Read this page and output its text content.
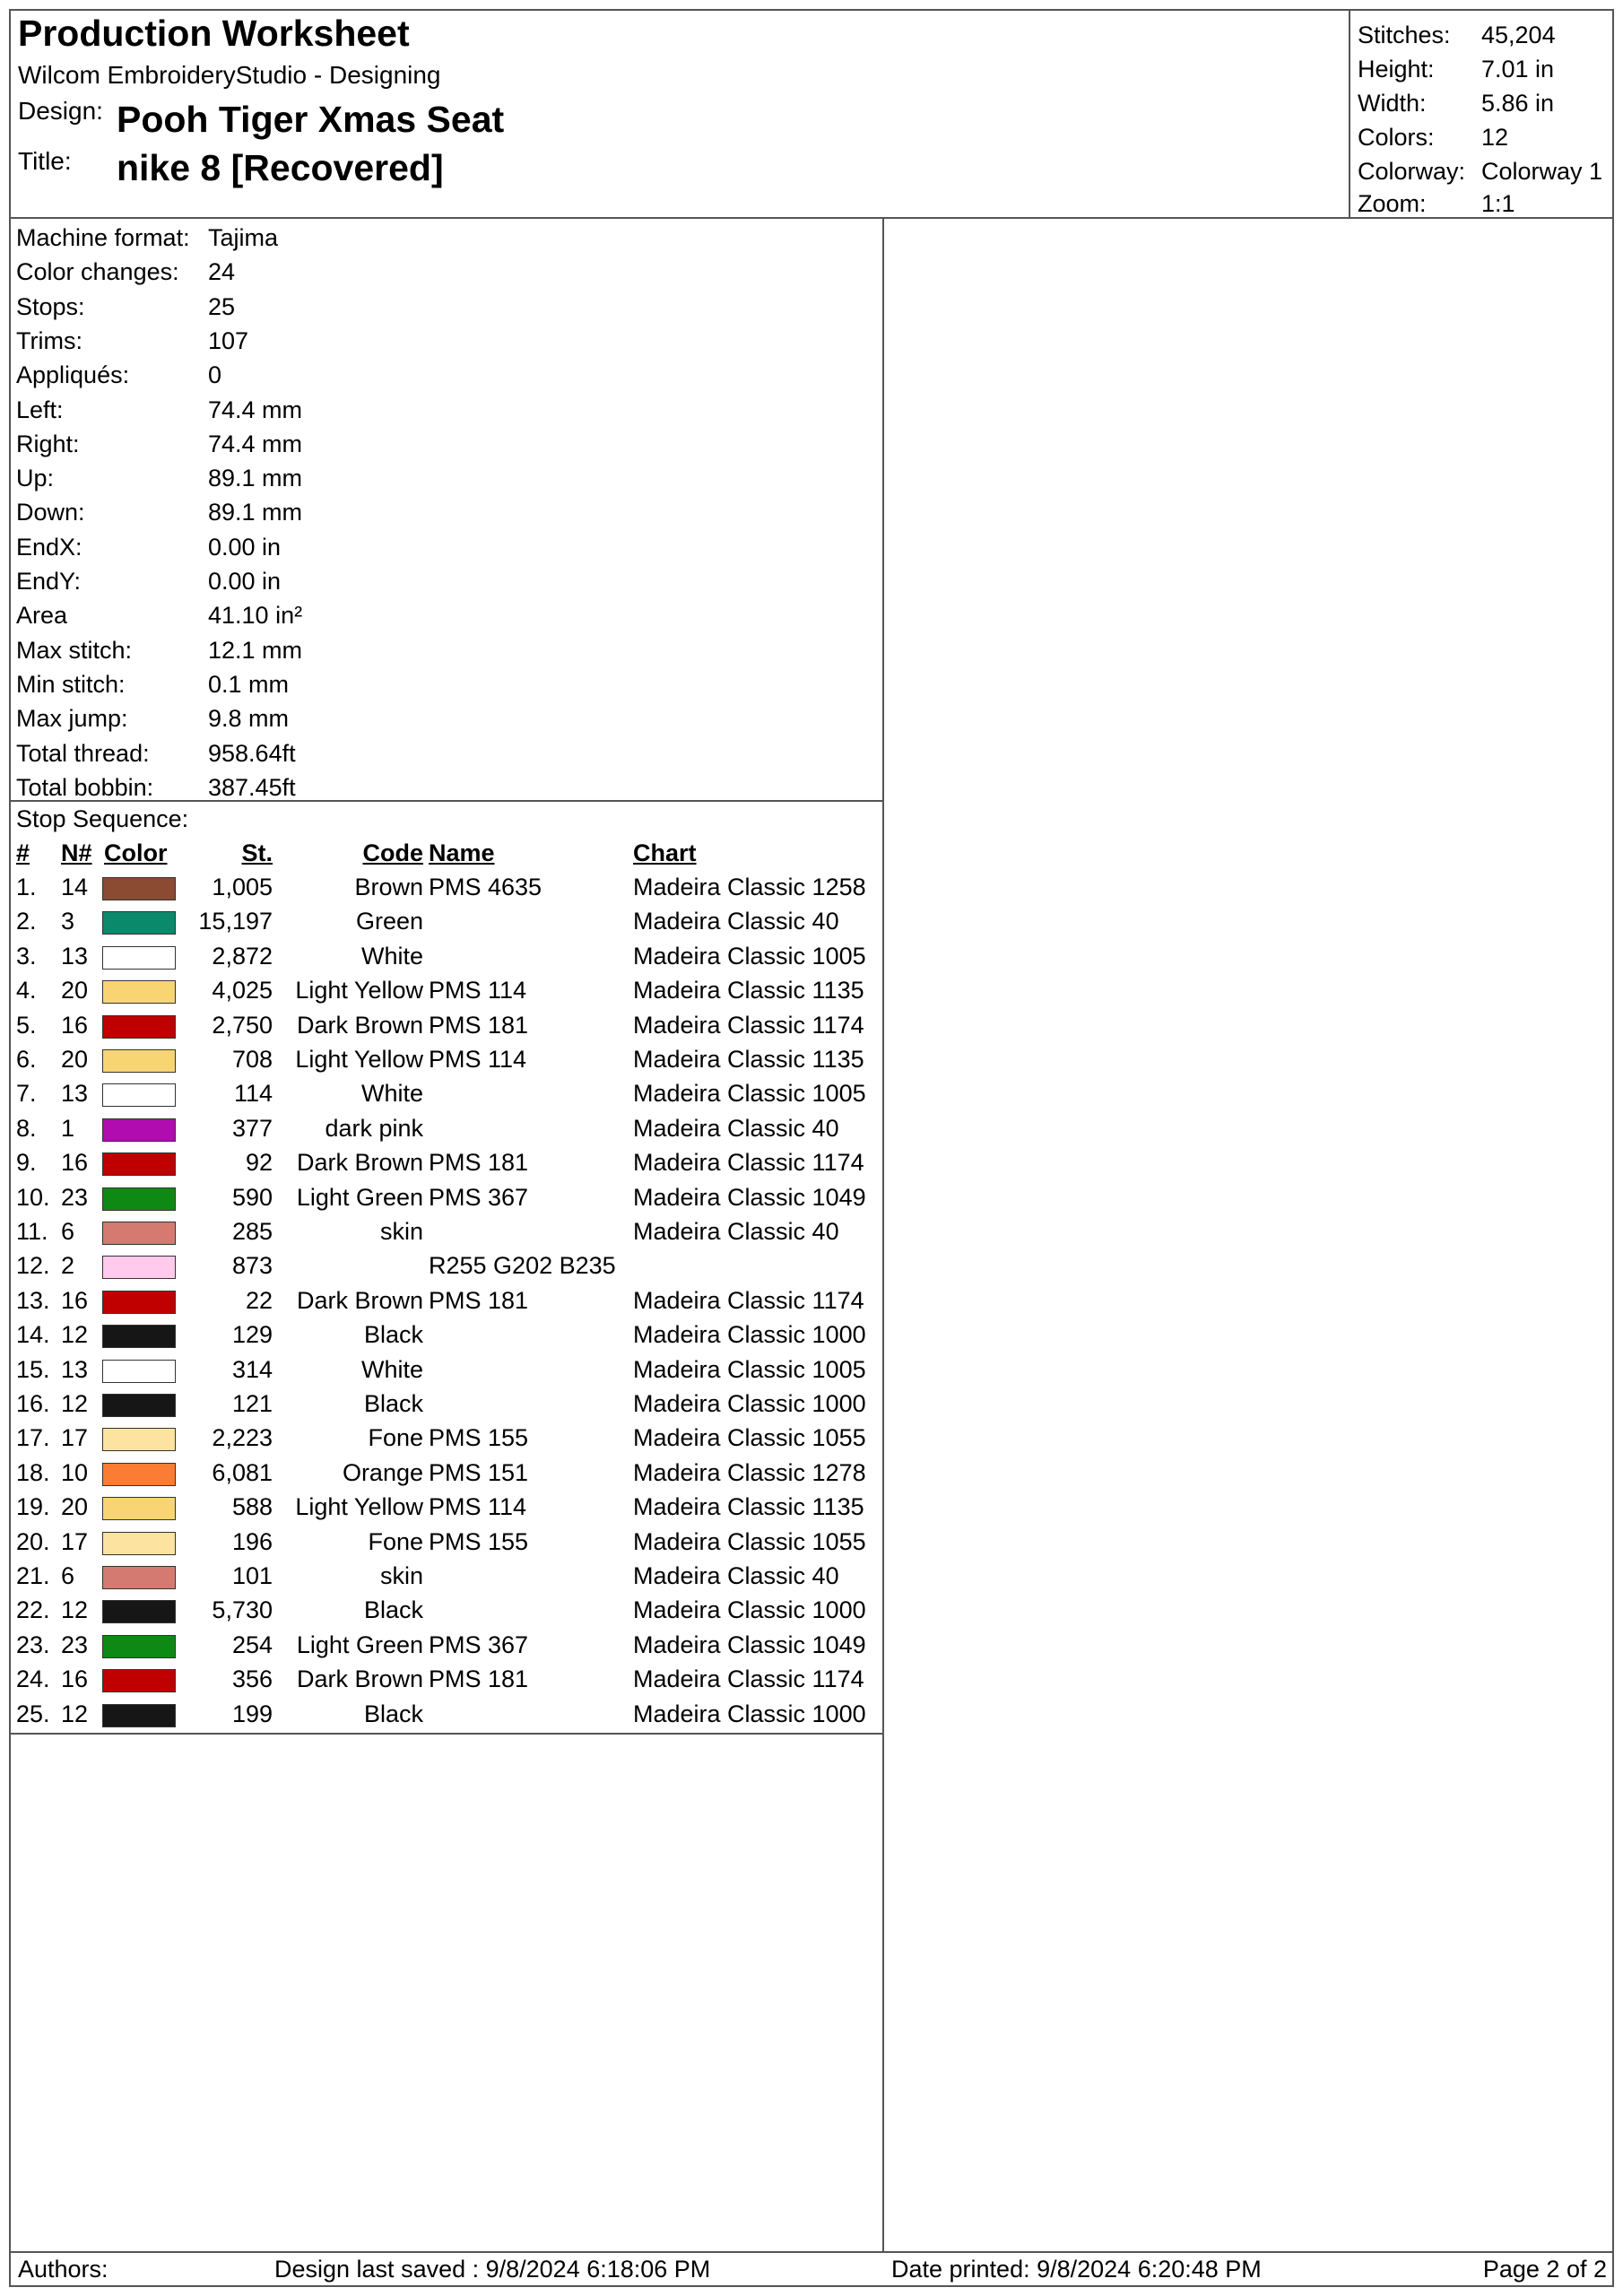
Production Worksheet
Wilcom EmbroideryStudio - Designing
Design: Pooh Tiger Xmas Seat
Title: nike 8 [Recovered]
Stitches: 45,204
Height: 7.01 in
Width: 5.86 in
Colors: 12
Colorway: Colorway 1
Zoom: 1:1
Machine format: Tajima
Color changes: 24
Stops:	25
Trims:	107
Appliqués:	0
Left:	74.4 mm
Right:	74.4 mm
Up:	89.1 mm
Down:	89.1 mm
EndX:	0.00 in
EndY:	0.00 in
Area	41.10 in²
Max stitch:	12.1 mm
Min stitch:	0.1 mm
Max jump:	9.8 mm
Total thread: 958.64ft
Total bobbin: 387.45ft
Stop Sequence:
# N# Color	St.	Code Name	Chart
1. 14	1,005	Brown PMS 4635	Madeira Classic 1258
2. 3	15,197	Green	Madeira Classic 40
3. 13	2,872	White	Madeira Classic 1005
4. 20	4,025 Light Yellow PMS 114	Madeira Classic 1135
5. 16	2,750 Dark Brown PMS 181	Madeira Classic 1174
6. 20	708 Light Yellow PMS 114	Madeira Classic 1135
7. 13	114	White	Madeira Classic 1005
8. 1	377 dark pink	Madeira Classic 40
9. 16	92 Dark Brown PMS 181	Madeira Classic 1174
10. 23	590 Light Green PMS 367	Madeira Classic 1049
11. 6	285	skin	Madeira Classic 40
12. 2	873	R255 G202 B235
13. 16	22 Dark Brown PMS 181	Madeira Classic 1174
14. 12	129	Black	Madeira Classic 1000
15. 13	314	White	Madeira Classic 1005
16. 12	121	Black	Madeira Classic 1000
17. 17	2,223	Fone PMS 155	Madeira Classic 1055
18. 10	6,081	Orange PMS 151	Madeira Classic 1278
19. 20	588 Light Yellow PMS 114	Madeira Classic 1135
20. 17	196	Fone PMS 155	Madeira Classic 1055
21. 6	101	skin	Madeira Classic 40
22. 12	5,730	Black	Madeira Classic 1000
23. 23	254 Light Green PMS 367	Madeira Classic 1049
24. 16	356 Dark Brown PMS 181	Madeira Classic 1174
25. 12	199	Black	Madeira Classic 1000
Authors:	Design last saved : 9/8/2024 6:18:06 PM	Date printed: 9/8/2024 6:20:48 PM	Page 2 of 2
